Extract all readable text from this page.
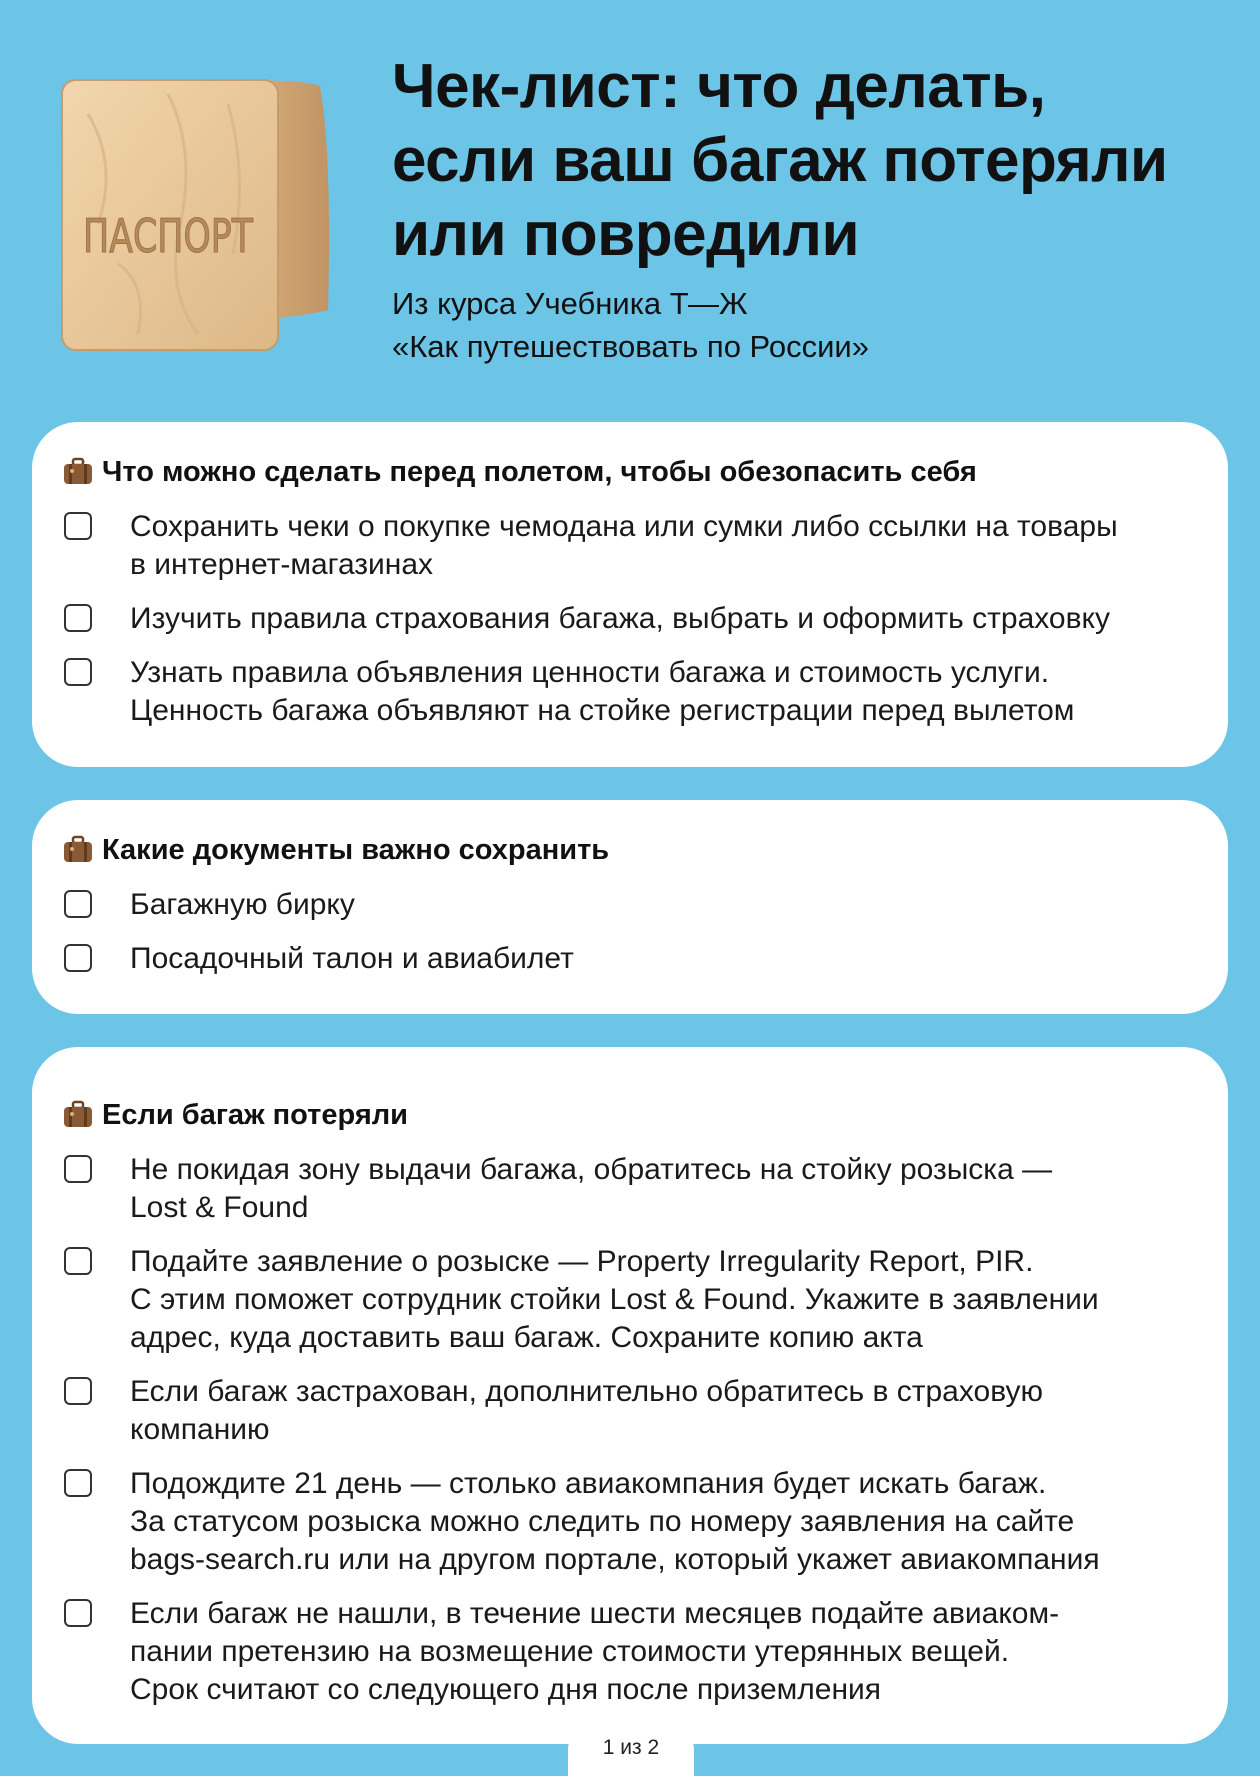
ПАСПОРТ
Чек-лист: что делать,
если ваш багаж потеряли
или повредили

Из курса Учебника Т—Ж
«Как путешествовать по России»

Что можно сделать перед полетом, чтобы обезопасить себя
Сохранить чеки о покупке чемодана или сумки либо ссылки на товары
в интернет-магазинах
Изучить правила страхования багажа, выбрать и оформить страховку
Узнать правила объявления ценности багажа и стоимость услуги.
Ценность багажа объявляют на стойке регистрации перед вылетом
Какие документы важно сохранить
Багажную бирку
Посадочный талон и авиабилет
Если багаж потеряли
Не покидая зону выдачи багажа, обратитесь на стойку розыска —
Lost & Found
Подайте заявление о розыске — Property Irregularity Report, PIR.
С этим поможет сотрудник стойки Lost & Found. Укажите в заявлении
адрес, куда доставить ваш багаж. Сохраните копию акта
Если багаж застрахован, дополнительно обратитесь в страховую
компанию
Подождите 21 день — столько авиакомпания будет искать багаж.
За статусом розыска можно следить по номеру заявления на сайте
bags-search.ru или на другом портале, который укажет авиакомпания
Если багаж не нашли, в течение шести месяцев подайте авиаком-
пании претензию на возмещение стоимости утерянных вещей.
Срок считают со следующего дня после приземления
1 из 2
